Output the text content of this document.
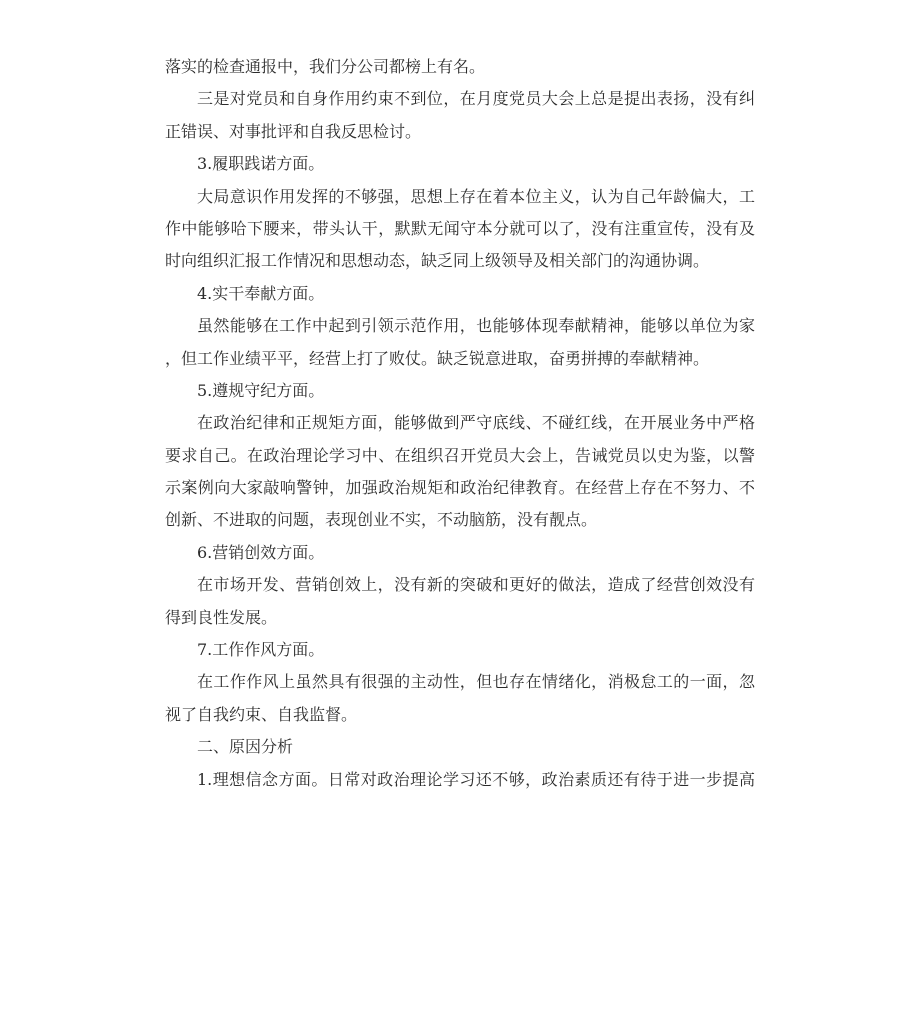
落实的检查通报中，我们分公司都榜上有名。
三是对党员和自身作用约束不到位，在月度党员大会上总是提出表扬，没有纠
正错误、对事批评和自我反思检讨。
3.履职践诺方面。
大局意识作用发挥的不够强，思想上存在着本位主义，认为自己年龄偏大，工
作中能够哈下腰来，带头认干，默默无闻守本分就可以了，没有注重宣传，没有及
时向组织汇报工作情况和思想动态，缺乏同上级领导及相关部门的沟通协调。
4.实干奉献方面。
虽然能够在工作中起到引领示范作用，也能够体现奉献精神，能够以单位为家
，但工作业绩平平，经营上打了败仗。缺乏锐意进取，奋勇拼搏的奉献精神。
5.遵规守纪方面。
在政治纪律和正规矩方面，能够做到严守底线、不碰红线，在开展业务中严格
要求自己。在政治理论学习中、在组织召开党员大会上，告诫党员以史为鉴，以警
示案例向大家敲响警钟，加强政治规矩和政治纪律教育。在经营上存在不努力、不
创新、不进取的问题，表现创业不实，不动脑筋，没有靓点。
6.营销创效方面。
在市场开发、营销创效上，没有新的突破和更好的做法，造成了经营创效没有
得到良性发展。
7.工作作风方面。
在工作作风上虽然具有很强的主动性，但也存在情绪化，消极怠工的一面，忽
视了自我约束、自我监督。
二、原因分析
1.理想信念方面。日常对政治理论学习还不够，政治素质还有待于进一步提高
